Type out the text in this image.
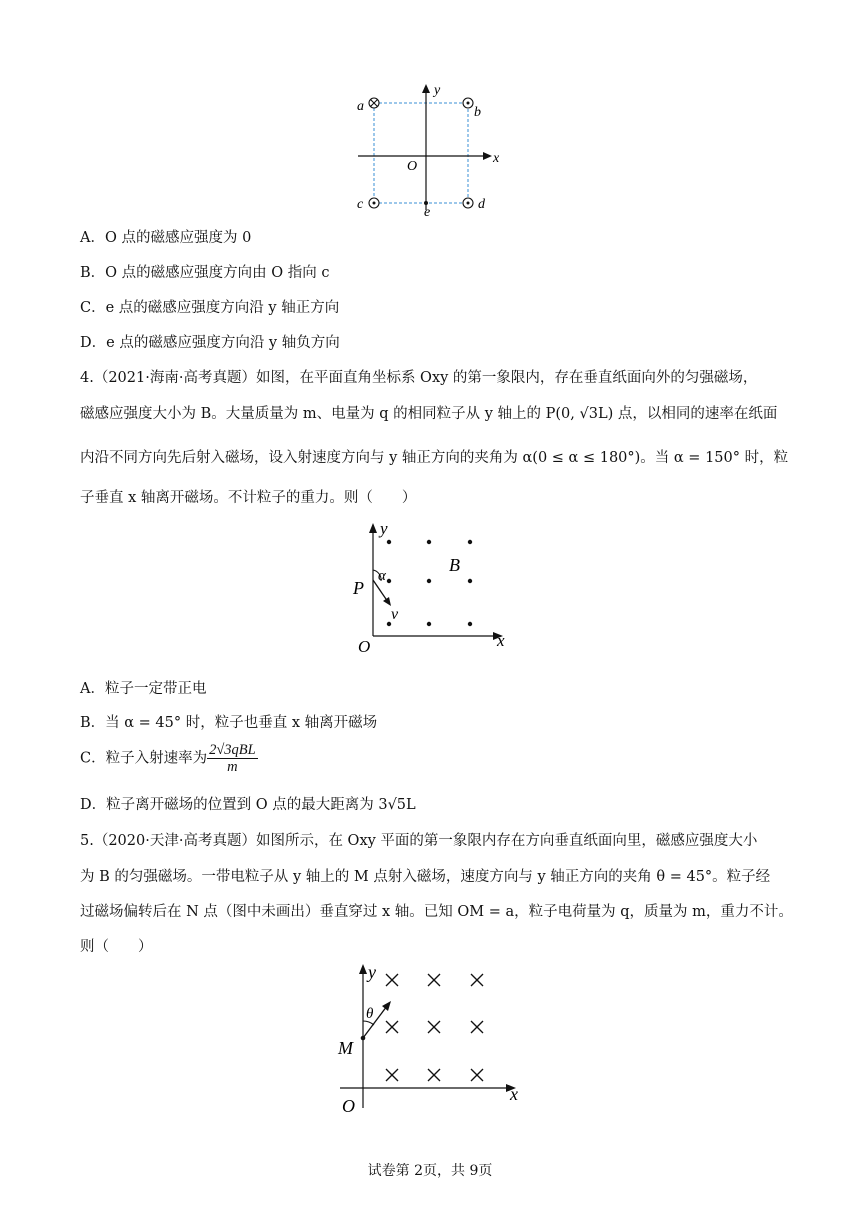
y
x
O
a	b
c	d
e
A．O 点的磁感应强度为 0
B．O 点的磁感应强度方向由 O 指向 c
C．e 点的磁感应强度方向沿 y 轴正方向
D．e 点的磁感应强度方向沿 y 轴负方向
4.（2021·海南·高考真题）如图，在平面直角坐标系 Oxy 的第一象限内，存在垂直纸面向外的匀强磁场，
磁感应强度大小为 B。大量质量为 m、电量为 q 的相同粒子从 y 轴上的 P(0, √3L) 点，以相同的速率在纸面
内沿不同方向先后射入磁场，设入射速度方向与 y 轴正方向的夹角为 α(0 ≤ α ≤ 180°)。当 α = 150° 时，粒
子垂直 x 轴离开磁场。不计粒子的重力。则（　　）
y
x
O
P
α
v
B
A．粒子一定带正电
B．当 α = 45° 时，粒子也垂直 x 轴离开磁场
C．粒子入射速率为 $\frac{\text{2√3qBL}}{m}$
D．粒子离开磁场的位置到 O 点的最大距离为 3√5L
5.（2020·天津·高考真题）如图所示，在 Oxy 平面的第一象限内存在方向垂直纸面向里，磁感应强度大小
为 B 的匀强磁场。一带电粒子从 y 轴上的 M 点射入磁场，速度方向与 y 轴正方向的夹角 θ = 45°。粒子经
过磁场偏转后在 N 点（图中未画出）垂直穿过 x 轴。已知 OM = a，粒子电荷量为 q，质量为 m，重力不计。
则（　　）
y
x
O
M
θ
试卷第 2页，共 9页
